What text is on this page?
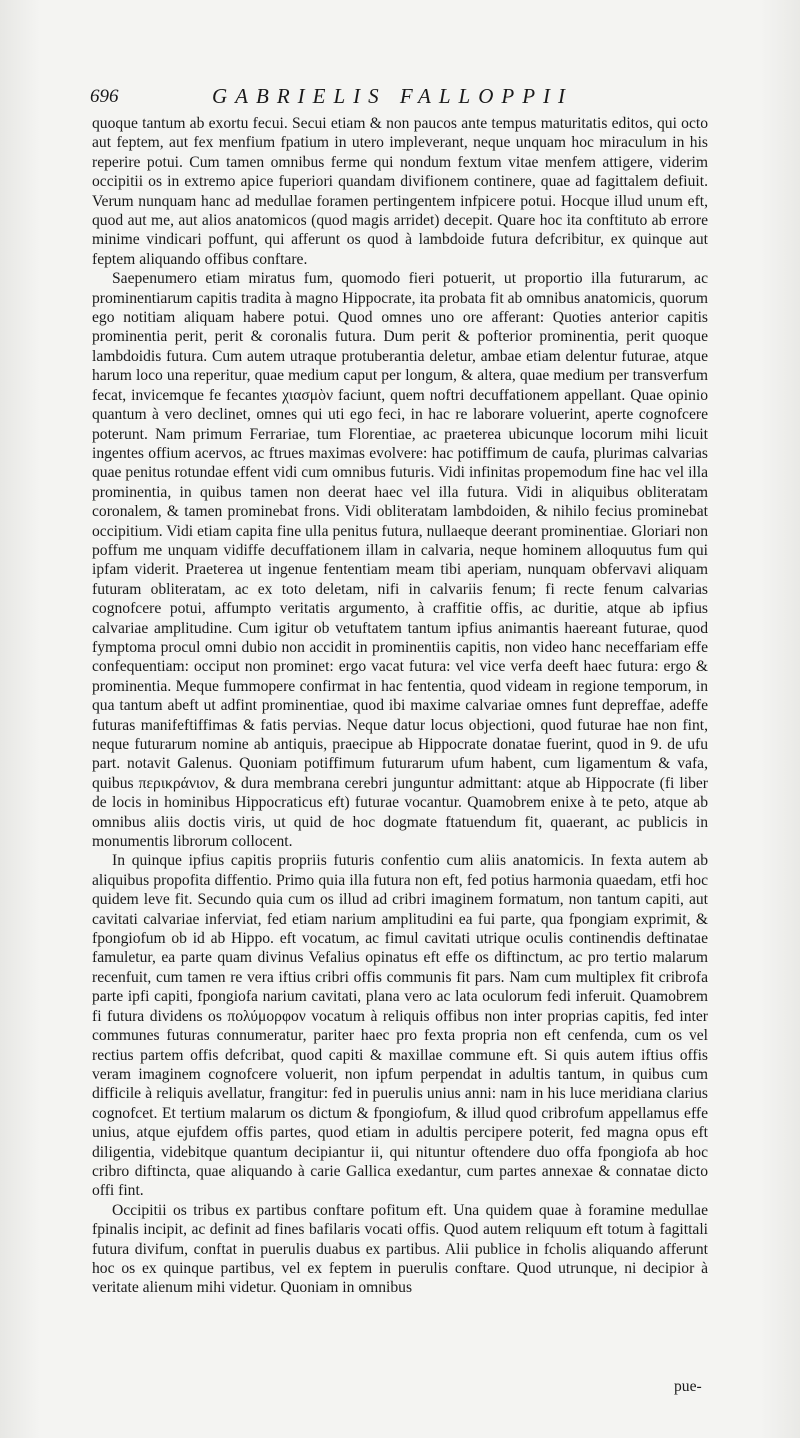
696	GABRIELIS FALLOPPII

quoque tantum ab exortu fecui. Secui etiam & non paucos ante tempus maturitatis editos, qui octo aut feptem, aut fex menfium fpatium in utero impleverant, neque unquam hoc miraculum in his reperire potui. Cum tamen omnibus ferme qui nondum fextum vitae menfem attigere, viderim occipitii os in extremo apice fuperiori quandam divifionem continere, quae ad fagittalem defiuit. Verum nunquam hanc ad medullae foramen pertingentem infpicere potui. Hocque illud unum eft, quod aut me, aut alios anatomicos (quod magis arridet) decepit. Quare hoc ita conftituto ab errore minime vindicari poffunt, qui afferunt os quod à lambdoide futura defcribitur, ex quinque aut feptem aliquando offibus conftare.

Saepenumero etiam miratus fum, quomodo fieri potuerit, ut proportio illa futurarum, ac prominentiarum capitis tradita à magno Hippocrate, ita probata fit ab omnibus anatomicis, quorum ego notitiam aliquam habere potui. Quod omnes uno ore afferant: Quoties anterior capitis prominentia perit, perit & coronalis futura. Dum perit & pofterior prominentia, perit quoque lambdoidis futura. Cum autem utraque protuberantia deletur, ambae etiam delentur futurae, atque harum loco una reperitur, quae medium caput per longum, & altera, quae medium per transverfum fecat, invicemque fe fecantes χιασμὸν faciunt, quem noftri decuffationem appellant. Quae opinio quantum à vero declinet, omnes qui uti ego feci, in hac re laborare voluerint, aperte cognofcere poterunt. Nam primum Ferrariae, tum Florentiae, ac praeterea ubicunque locorum mihi licuit ingentes offium acervos, ac ftrues maximas evolvere: hac potiffimum de caufa, plurimas calvarias quae penitus rotundae effent vidi cum omnibus futuris. Vidi infinitas propemodum fine hac vel illa prominentia, in quibus tamen non deerat haec vel illa futura. Vidi in aliquibus obliteratam coronalem, & tamen prominebat frons. Vidi obliteratam lambdoiden, & nihilo fecius prominebat occipitium. Vidi etiam capita fine ulla penitus futura, nullaeque deerant prominentiae. Gloriari non poffum me unquam vidiffe decuffationem illam in calvaria, neque hominem alloquutus fum qui ipfam viderit. Praeterea ut ingenue fententiam meam tibi aperiam, nunquam obfervavi aliquam futuram obliteratam, ac ex toto deletam, nifi in calvariis fenum; fi recte fenum calvarias cognofcere potui, affumpto veritatis argumento, à craffitie offis, ac duritie, atque ab ipfius calvariae amplitudine. Cum igitur ob vetuftatem tantum ipfius animantis haereant futurae, quod fymptoma procul omni dubio non accidit in prominentiis capitis, non video hanc neceffariam effe confequentiam: occiput non prominet: ergo vacat futura: vel vice verfa deeft haec futura: ergo & prominentia. Meque fummopere confirmat in hac fententia, quod videam in regione temporum, in qua tantum abeft ut adfint prominentiae, quod ibi maxime calvariae omnes funt depreffae, adeffe futuras manifeftiffimas & fatis pervias. Neque datur locus objectioni, quod futurae hae non fint, neque futurarum nomine ab antiquis, praecipue ab Hippocrate donatae fuerint, quod in 9. de ufu part. notavit Galenus. Quoniam potiffimum futurarum ufum habent, cum ligamentum & vafa, quibus περικράνιον, & dura membrana cerebri junguntur admittant: atque ab Hippocrate (fi liber de locis in hominibus Hippocraticus eft) futurae vocantur. Quamobrem enixe à te peto, atque ab omnibus aliis doctis viris, ut quid de hoc dogmate ftatuendum fit, quaerant, ac publicis in monumentis librorum collocent.

In quinque ipfius capitis propriis futuris confentio cum aliis anatomicis. In fexta autem ab aliquibus propofita diffentio. Primo quia illa futura non eft, fed potius harmonia quaedam, etfi hoc quidem leve fit. Secundo quia cum os illud ad cribri imaginem formatum, non tantum capiti, aut cavitati calvariae inferviat, fed etiam narium amplitudini ea fui parte, qua fpongiam exprimit, & fpongiofum ob id ab Hippo. eft vocatum, ac fimul cavitati utrique oculis continendis deftinatae famuletur, ea parte quam divinus Vefalius opinatus eft effe os diftinctum, ac pro tertio malarum recenfuit, cum tamen re vera iftius cribri offis communis fit pars. Nam cum multiplex fit cribrofa parte ipfi capiti, fpongiofa narium cavitati, plana vero ac lata oculorum fedi inferuit. Quamobrem fi futura dividens os πολύμορφον vocatum à reliquis offibus non inter proprias capitis, fed inter communes futuras connumeratur, pariter haec pro fexta propria non eft cenfenda, cum os vel rectius partem offis defcribat, quod capiti & maxillae commune eft. Si quis autem iftius offis veram imaginem cognofcere voluerit, non ipfum perpendat in adultis tantum, in quibus cum difficile à reliquis avellatur, frangitur: fed in puerulis unius anni: nam in his luce meridiana clarius cognofcet. Et tertium malarum os dictum & fpongiofum, & illud quod cribrofum appellamus effe unius, atque ejufdem offis partes, quod etiam in adultis percipere poterit, fed magna opus eft diligentia, videbitque quantum decipiantur ii, qui nituntur oftendere duo offa fpongiofa ab hoc cribro diftincta, quae aliquando à carie Gallica exedantur, cum partes annexae & connatae dicto offi fint.

Occipitii os tribus ex partibus conftare pofitum eft. Una quidem quae à foramine medullae fpinalis incipit, ac definit ad fines bafilaris vocati offis. Quod autem reliquum eft totum à fagittali futura divifum, conftat in puerulis duabus ex partibus. Alii publice in fcholis aliquando afferunt hoc os ex quinque partibus, vel ex feptem in puerulis conftare. Quod utrunque, ni decipior à veritate alienum mihi videtur. Quoniam in omnibus

pue-
